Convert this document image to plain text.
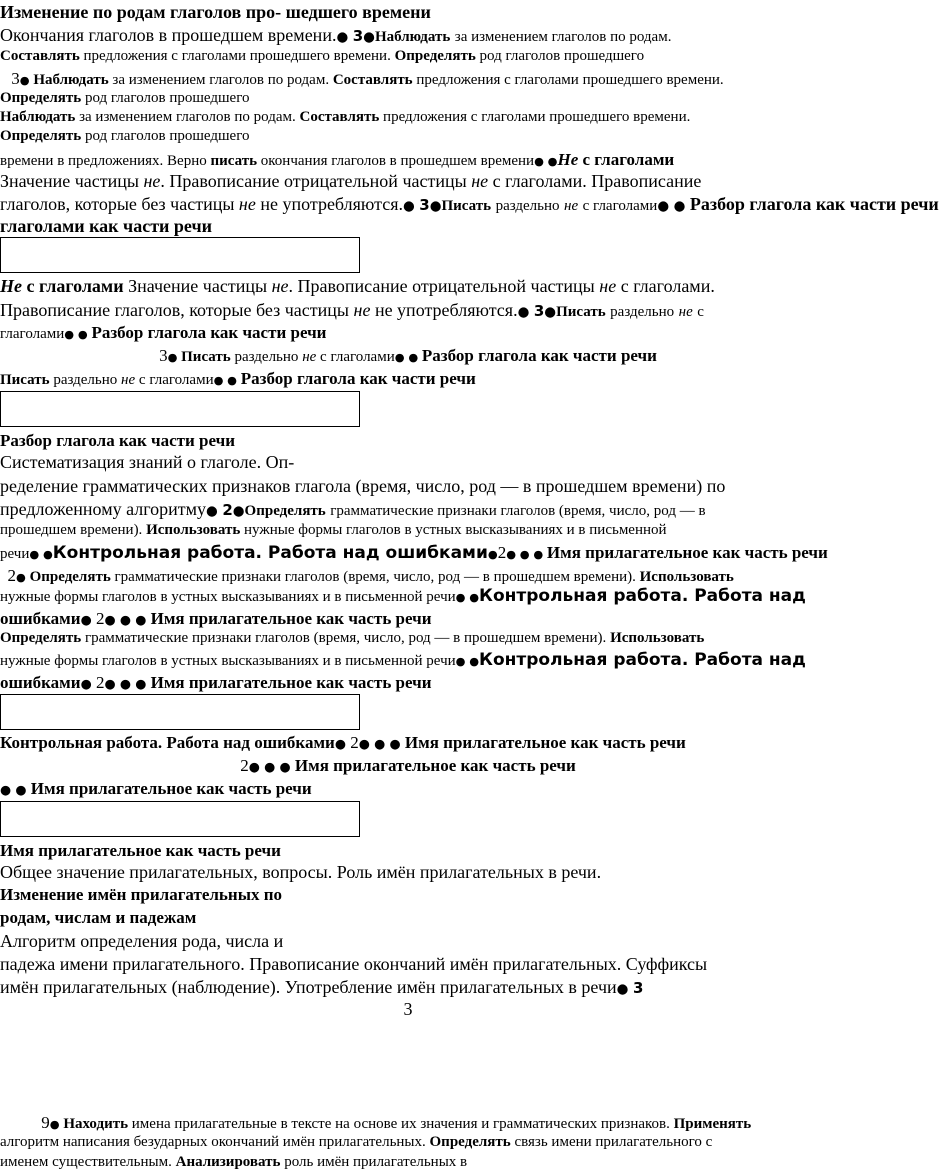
Изменение по родам глаголов про- шедшего времени
Окончания глаголов в прошедшем времени.● 3●Наблюдать за изменением глаголов по родам.
Составлять предложения с глаголами прошедшего времени. Определять род глаголов прошедшего
3● Наблюдать за изменением глаголов по родам. Составлять предложения с глаголами прошедшего времени.
Определять род глаголов прошедшего
Наблюдать за изменением глаголов по родам. Составлять предложения с глаголами прошедшего времени.
Определять род глаголов прошедшего
времени в предложениях. Верно писать окончания глаголов в прошедшем времени● ●Не с глаголами
Значение частицы не. Правописание отрицательной частицы не с глаголами. Правописание
глаголов, которые без частицы не не употребляются.● 3●Писать раздельно не с глаголами● ● Разбор глагола как части речи
глаголами как части речи
Не с глаголами Значение частицы не. Правописание отрицательной частицы не с глаголами.
Правописание глаголов, которые без частицы не не употребляются.● 3●Писать раздельно не с
глаголами● ● Разбор глагола как части речи
3● Писать раздельно не с глаголами● ● Разбор глагола как части речи
Писать раздельно не с глаголами● ● Разбор глагола как части речи
Разбор глагола как части речи
Систематизация знаний о глаголе. Оп-
ределение грамматических признаков глагола (время, число, род — в прошедшем времени) по
предложенному алгоритму● 2●Определять грамматические признаки глаголов (время, число, род — в
прошедшем времени). Использовать нужные формы глаголов в устных высказываниях и в письменной
речи● ●Контрольная работа. Работа над ошибками●2● ● ● Имя прилагательное как часть речи
2● Определять грамматические признаки глаголов (время, число, род — в прошедшем времени). Использовать
нужные формы глаголов в устных высказываниях и в письменной речи● ●Контрольная работа. Работа над
ошибками● 2● ● ● Имя прилагательное как часть речи
Определять грамматические признаки глаголов (время, число, род — в прошедшем времени). Использовать
нужные формы глаголов в устных высказываниях и в письменной речи● ●Контрольная работа. Работа над
ошибками● 2● ● ● Имя прилагательное как часть речи
Контрольная работа. Работа над ошибками● 2● ● ● Имя прилагательное как часть речи
2● ● ● Имя прилагательное как часть речи
● ● Имя прилагательное как часть речи
Имя прилагательное как часть речи
Общее значение прилагательных, вопросы. Роль имён прилагательных в речи.
Изменение имён прилагательных по
родам, числам и падежам
Алгоритм определения рода, числа и
падежа имени прилагательного. Правописание окончаний имён прилагательных. Суффиксы
имён прилагательных (наблюдение). Употребление имён прилагательных в речи● 3
3
9● Находить имена прилагательные в тексте на основе их значения и грамматических признаков. Применять
алгоритм написания безударных окончаний имён прилагательных. Определять связь имени прилагательного с
именем существительным. Анализировать роль имён прилагательных в
